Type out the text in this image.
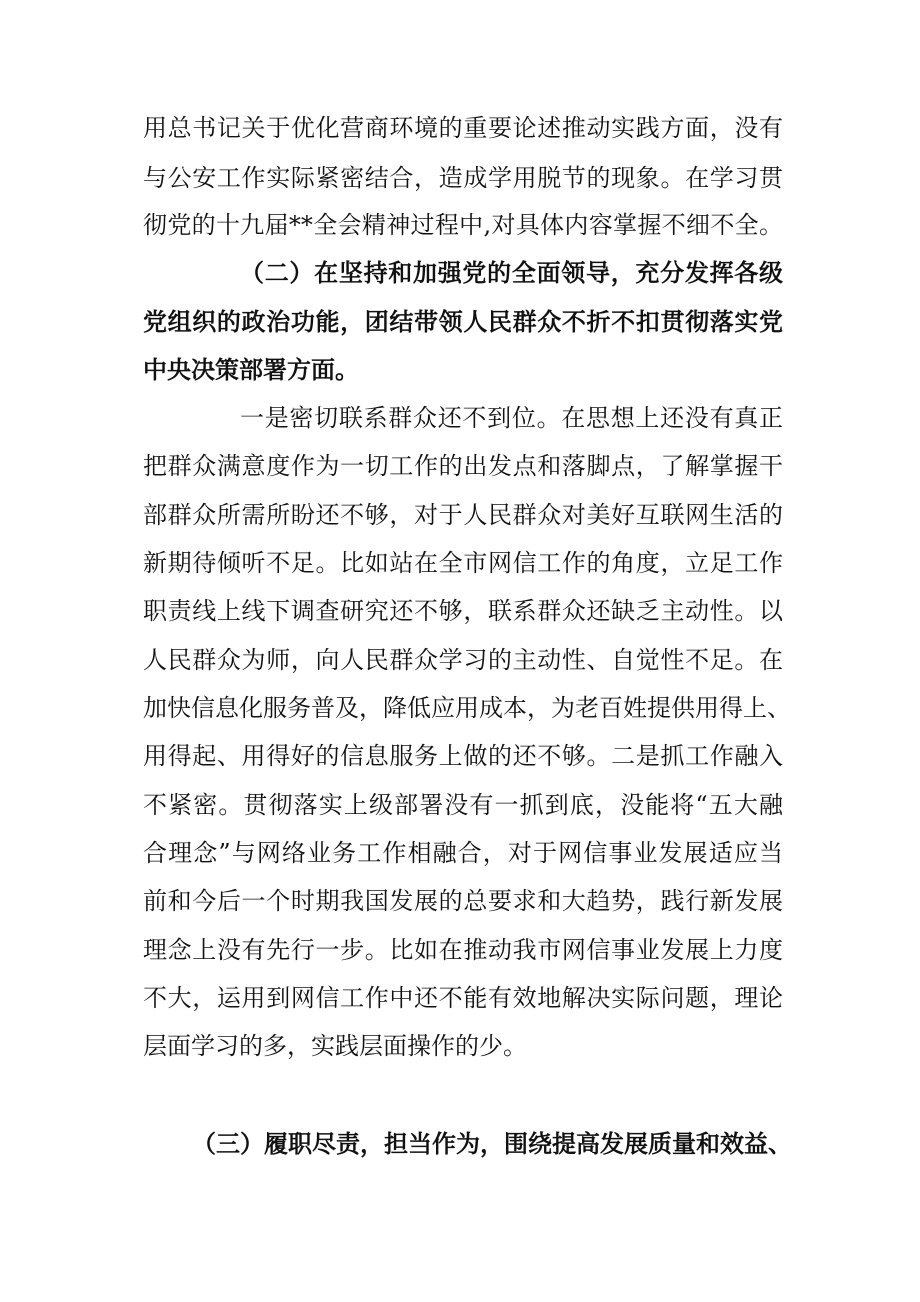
用总书记关于优化营商环境的重要论述推动实践方面，没有
与公安工作实际紧密结合，造成学用脱节的现象。在学习贯
彻党的十九届**全会精神过程中,对具体内容掌握不细不全。
（二）在坚持和加强党的全面领导，充分发挥各级
党组织的政治功能，团结带领人民群众不折不扣贯彻落实党
中央决策部署方面。
一是密切联系群众还不到位。在思想上还没有真正
把群众满意度作为一切工作的出发点和落脚点，了解掌握干
部群众所需所盼还不够，对于人民群众对美好互联网生活的
新期待倾听不足。比如站在全市网信工作的角度，立足工作
职责线上线下调查研究还不够，联系群众还缺乏主动性。以
人民群众为师，向人民群众学习的主动性、自觉性不足。在
加快信息化服务普及，降低应用成本，为老百姓提供用得上、
用得起、用得好的信息服务上做的还不够。二是抓工作融入
不紧密。贯彻落实上级部署没有一抓到底，没能将“五大融
合理念”与网络业务工作相融合，对于网信事业发展适应当
前和今后一个时期我国发展的总要求和大趋势，践行新发展
理念上没有先行一步。比如在推动我市网信事业发展上力度
不大，运用到网信工作中还不能有效地解决实际问题，理论
层面学习的多，实践层面操作的少。
（三）履职尽责，担当作为，围绕提高发展质量和效益、
